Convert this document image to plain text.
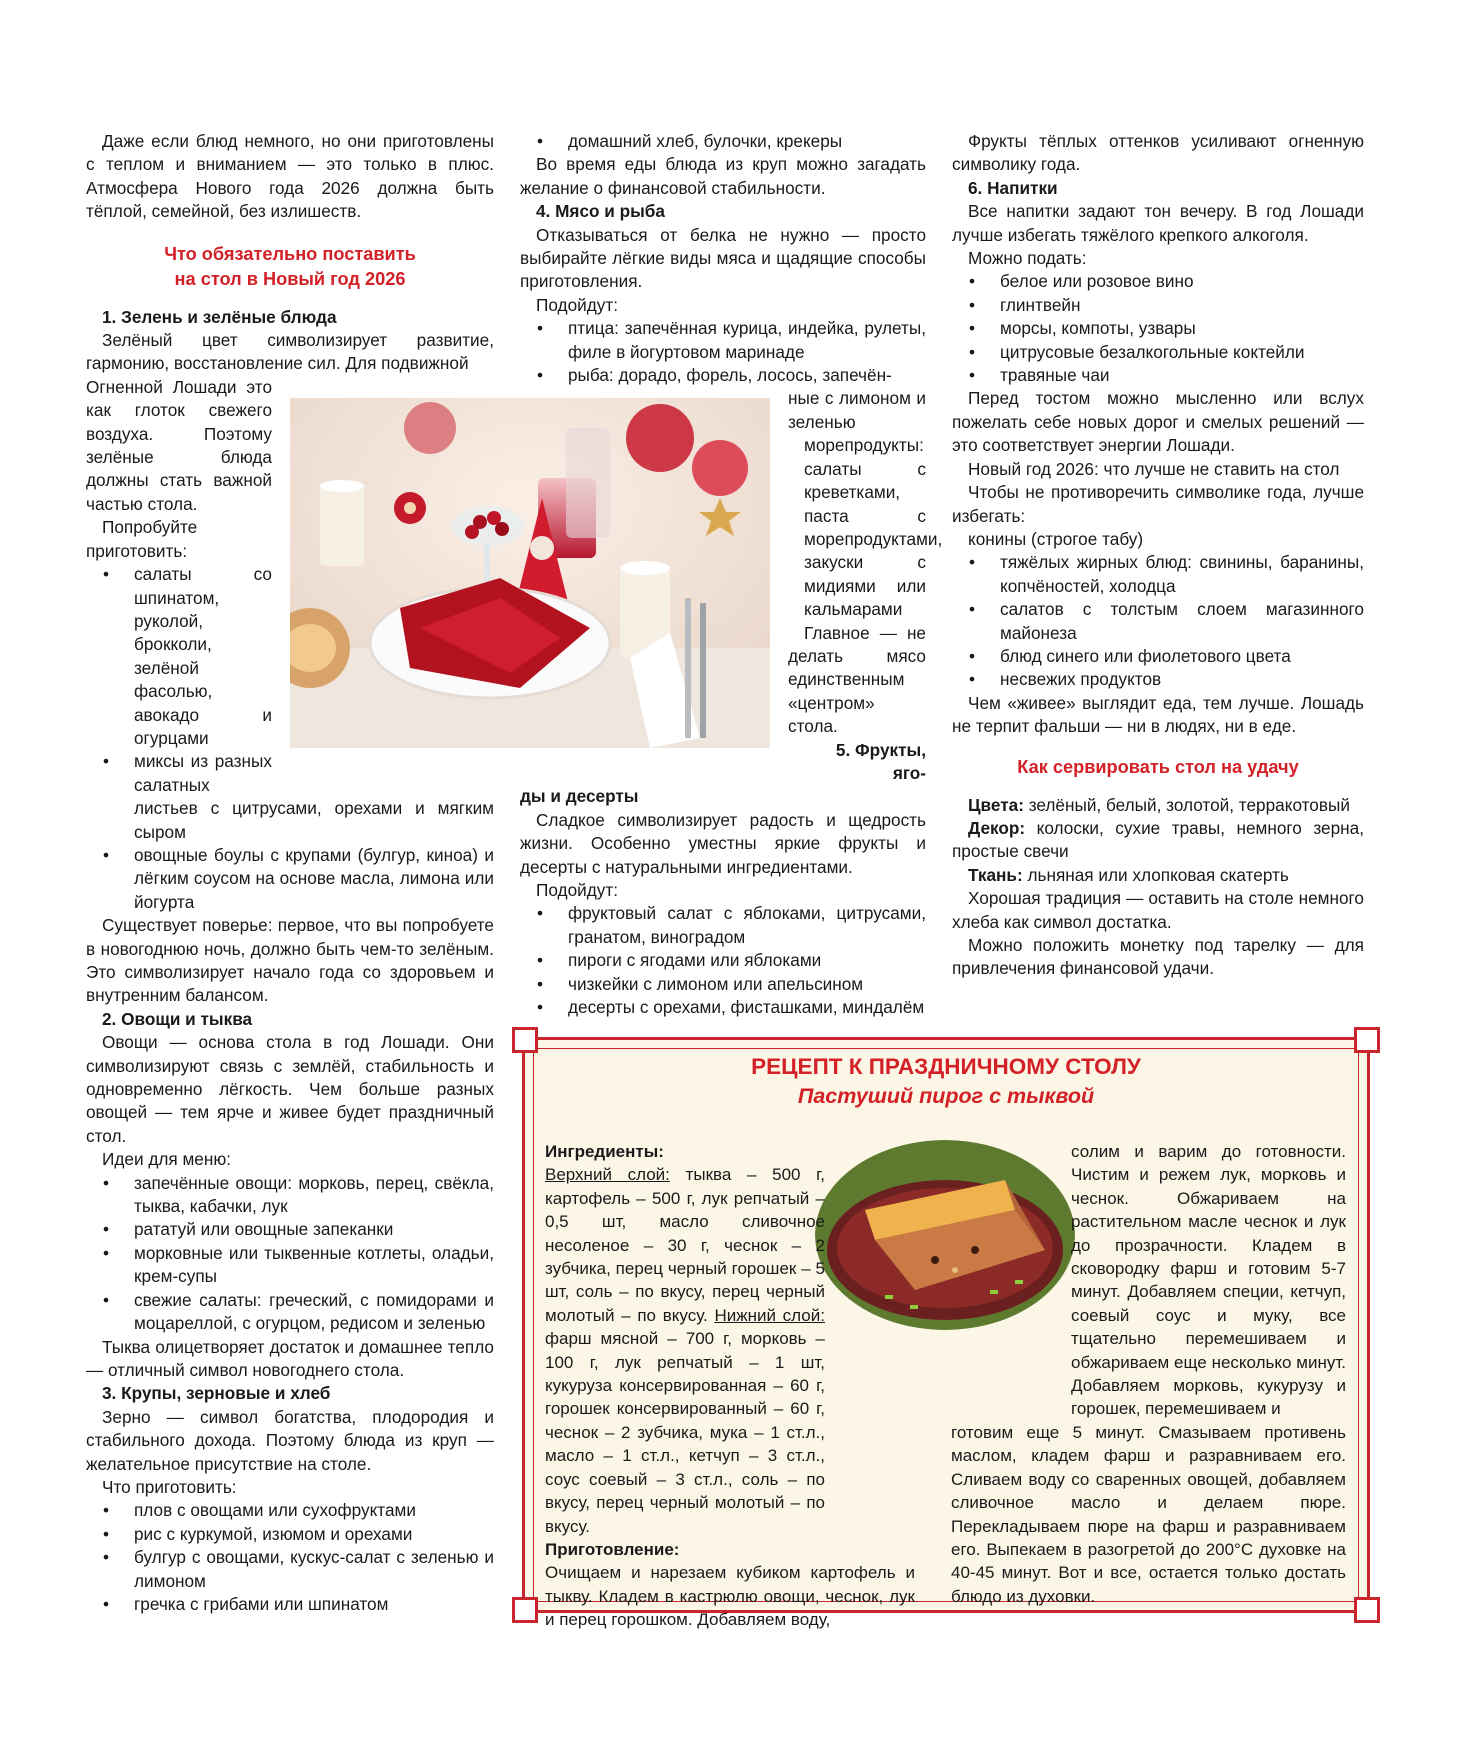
Даже если блюд немного, но они приготовлены с теплом и вниманием — это только в плюс. Атмосфера Нового года 2026 должна быть тёплой, семейной, без излишеств.

Что обязательно поставить
на стол в Новый год 2026
1. Зелень и зелёные блюда

Зелёный цвет символизирует развитие, гармонию, восстановление сил. Для подвижной

Огненной Лошади это как глоток свежего воздуха. Поэтому зелёные блюда должны стать важной частью стола.

Попробуйте приготовить:

• салаты со шпинатом, руколой, брокколи, зелёной фасолью, авокадо и огурцами
• миксы из разных салатных

листьев с цитрусами, орехами и мягким сыром

• овощные боулы с крупами (булгур, киноа) и лёгким соусом на основе масла, лимона или йогурта

Существует поверье: первое, что вы попробуете в новогоднюю ночь, должно быть чем-то зелёным. Это символизирует начало года со здоровьем и внутренним балансом.

2. Овощи и тыква

Овощи — основа стола в год Лошади. Они символизируют связь с землёй, стабильность и одновременно лёгкость. Чем больше разных овощей — тем ярче и живее будет праздничный стол.

Идеи для меню:

• запечённые овощи: морковь, перец, свёкла, тыква, кабачки, лук
• рататуй или овощные запеканки
• морковные или тыквенные котлеты, оладьи, крем-супы
• свежие салаты: греческий, с помидорами и моцареллой, с огурцом, редисом и зеленью

Тыква олицетворяет достаток и домашнее тепло — отличный символ новогоднего стола.

3. Крупы, зерновые и хлеб

Зерно — символ богатства, плодородия и стабильного дохода. Поэтому блюда из круп — желательное присутствие на столе.

Что приготовить:

• плов с овощами или сухофруктами
• рис с куркумой, изюмом и орехами
• булгур с овощами, кускус-салат с зеленью и лимоном
• гречка с грибами или шпинатом
• домашний хлеб, булочки, крекеры

Во время еды блюда из круп можно загадать желание о финансовой стабильности.

4. Мясо и рыба

Отказываться от белка не нужно — просто выбирайте лёгкие виды мяса и щадящие способы приготовления.

Подойдут:

• птица: запечённая курица, индейка, рулеты, филе в йогуртовом маринаде
• рыба: дорадо, форель, лосось, запечён-

ные с лимоном и зеленью

морепродукты: салаты с креветками, паста с морепродуктами, закуски с мидиями или кальмарами

Главное — не делать мясо единственным «центром» стола.

5. Фрукты, яго-
ды и десерты

Сладкое символизирует радость и щедрость жизни. Особенно уместны яркие фрукты и десерты с натуральными ингредиентами.

Подойдут:

• фруктовый салат с яблоками, цитрусами, гранатом, виноградом
• пироги с ягодами или яблоками
• чизкейки с лимоном или апельсином
• десерты с орехами, фисташками, миндалём

Фрукты тёплых оттенков усиливают огненную символику года.

6. Напитки

Все напитки задают тон вечеру. В год Лошади лучше избегать тяжёлого крепкого алкоголя.

Можно подать:

• белое или розовое вино
• глинтвейн
• морсы, компоты, узвары
• цитрусовые безалкогольные коктейли
• травяные чаи

Перед тостом можно мысленно или вслух пожелать себе новых дорог и смелых решений — это соответствует энергии Лошади.

Новый год 2026: что лучше не ставить на стол

Чтобы не противоречить символике года, лучше избегать:

конины (строгое табу)

• тяжёлых жирных блюд: свинины, баранины, копчёностей, холодца
• салатов с толстым слоем магазинного майонеза
• блюд синего или фиолетового цвета
• несвежих продуктов

Чем «живее» выглядит еда, тем лучше. Лошадь не терпит фальши — ни в людях, ни в еде.

Как сервировать стол на удачу

Цвета: зелёный, белый, золотой, терракотовый

Декор: колоски, сухие травы, немного зерна, простые свечи

Ткань: льняная или хлопковая скатерть

Хорошая традиция — оставить на столе немного хлеба как символ достатка.

Можно положить монетку под тарелку — для привлечения финансовой удачи.

РЕЦЕПТ К ПРАЗДНИЧНОМУ СТОЛУ
Пастуший пирог с тыквой

Ингредиенты:

Верхний слой: тыква – 500 г, картофель – 500 г, лук репчатый – 0,5 шт, масло сливочное несоленое – 30 г, чеснок – 2 зубчика, перец черный горошек – 5 шт, соль – по вкусу, перец черный молотый – по вкусу. Нижний слой: фарш мясной – 700 г, морковь – 100 г, лук репчатый – 1 шт, кукуруза консервированная – 60 г, горошек консервированный – 60 г, чеснок – 2 зубчика, мука – 1 ст.л., масло – 1 ст.л., кетчуп – 3 ст.л., соус соевый – 3 ст.л., соль – по вкусу, перец черный молотый – по вкусу.

Приготовление:

Очищаем и нарезаем кубиком картофель и тыкву. Кладем в кастрюлю овощи, чеснок, лук и перец горошком. Добавляем воду,

солим и варим до готовности. Чистим и режем лук, морковь и чеснок. Обжариваем на растительном масле чеснок и лук до прозрачности. Кладем в сковородку фарш и готовим 5-7 минут. Добавляем специи, кетчуп, соевый соус и муку, все тщательно перемешиваем и обжариваем еще несколько минут. Добавляем морковь, кукурузу и горошек, перемешиваем и

готовим еще 5 минут. Смазываем противень маслом, кладем фарш и разравниваем его. Сливаем воду со сваренных овощей, добавляем сливочное масло и делаем пюре. Перекладываем пюре на фарш и разравниваем его. Выпекаем в разогретой до 200°С духовке на 40-45 минут. Вот и все, остается только достать блюдо из духовки.
